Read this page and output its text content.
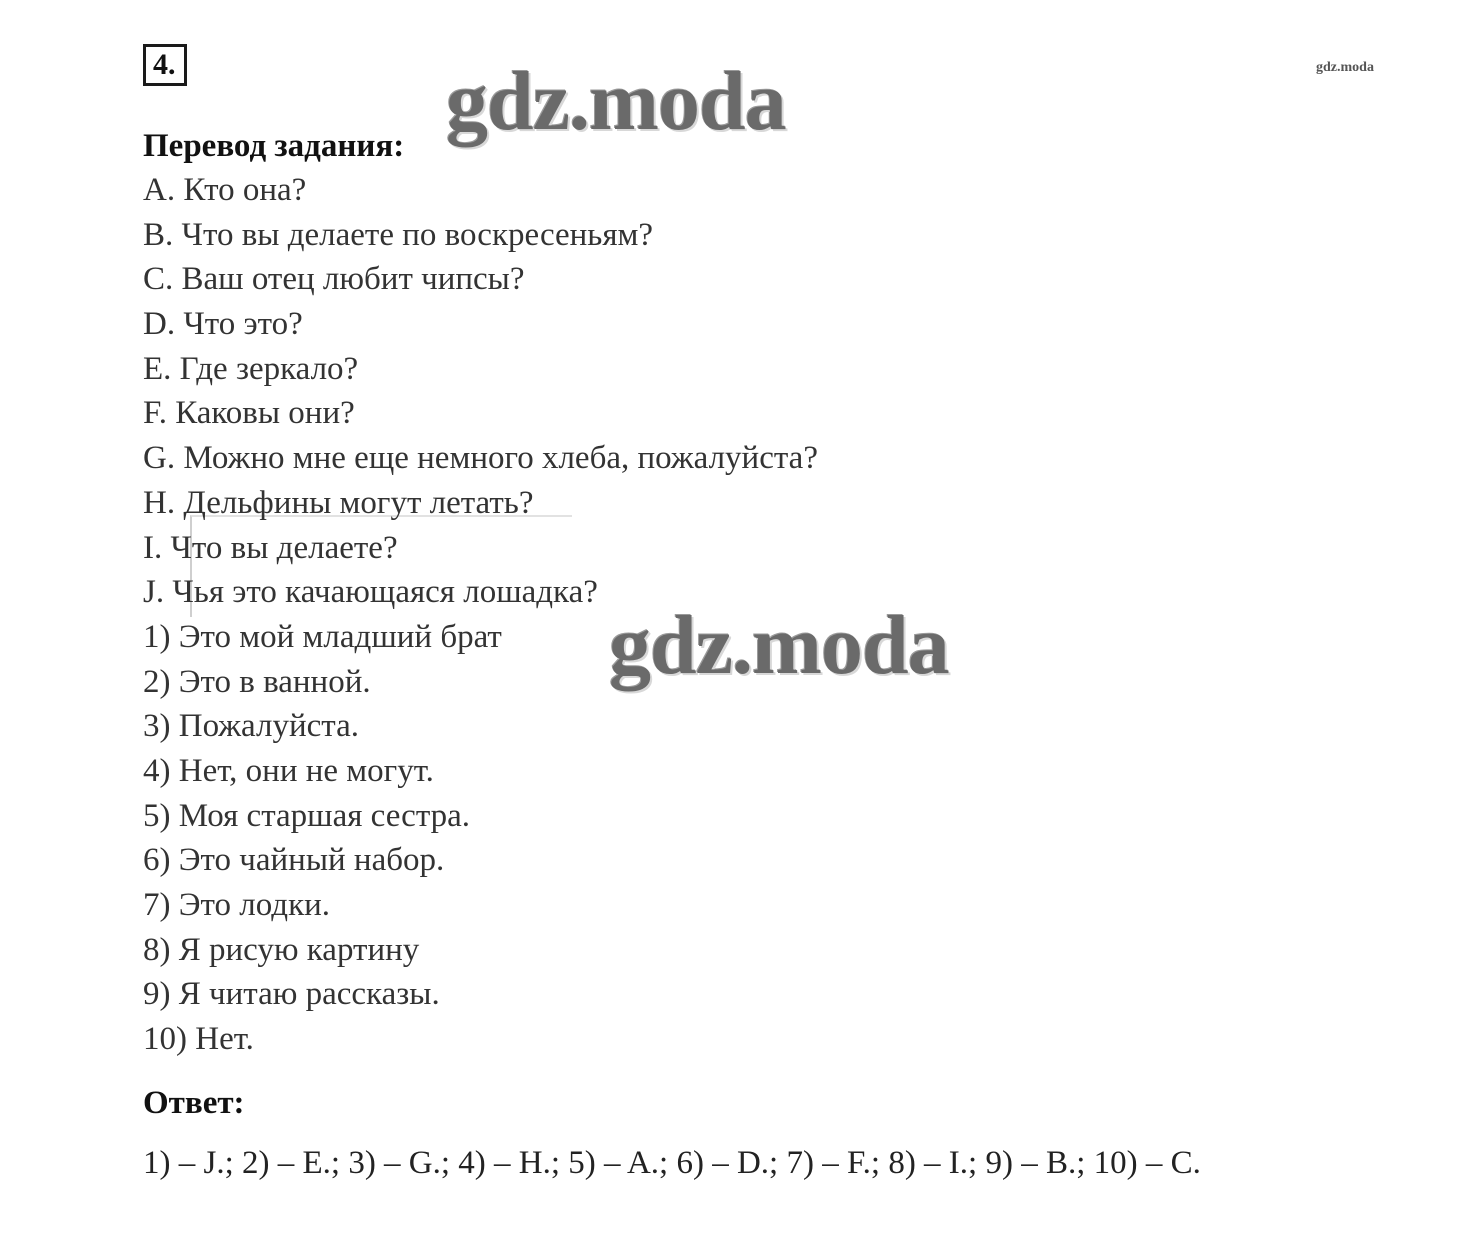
4.	gdz.moda
gdz.moda
Перевод задания:
A. Кто она?
B. Что вы делаете по воскресеньям?
C. Ваш отец любит чипсы?
D. Что это?
E. Где зеркало?
F. Каковы они?
G. Можно мне еще немного хлеба, пожалуйста?
H. Дельфины могут летать?
I. Что вы делаете?
J. Чья это качающаяся лошадка?
1) Это мой младший брат
2) Это в ванной.
3) Пожалуйста.
4) Нет, они не могут.
5) Моя старшая сестра.
6) Это чайный набор.
7) Это лодки.
8) Я рисую картину
9) Я читаю рассказы.
10) Нет.
gdz.moda
Ответ:
1) – J.; 2) – E.; 3) – G.; 4) – H.; 5) – A.; 6) – D.; 7) – F.; 8) – I.; 9) – B.; 10) – C.
